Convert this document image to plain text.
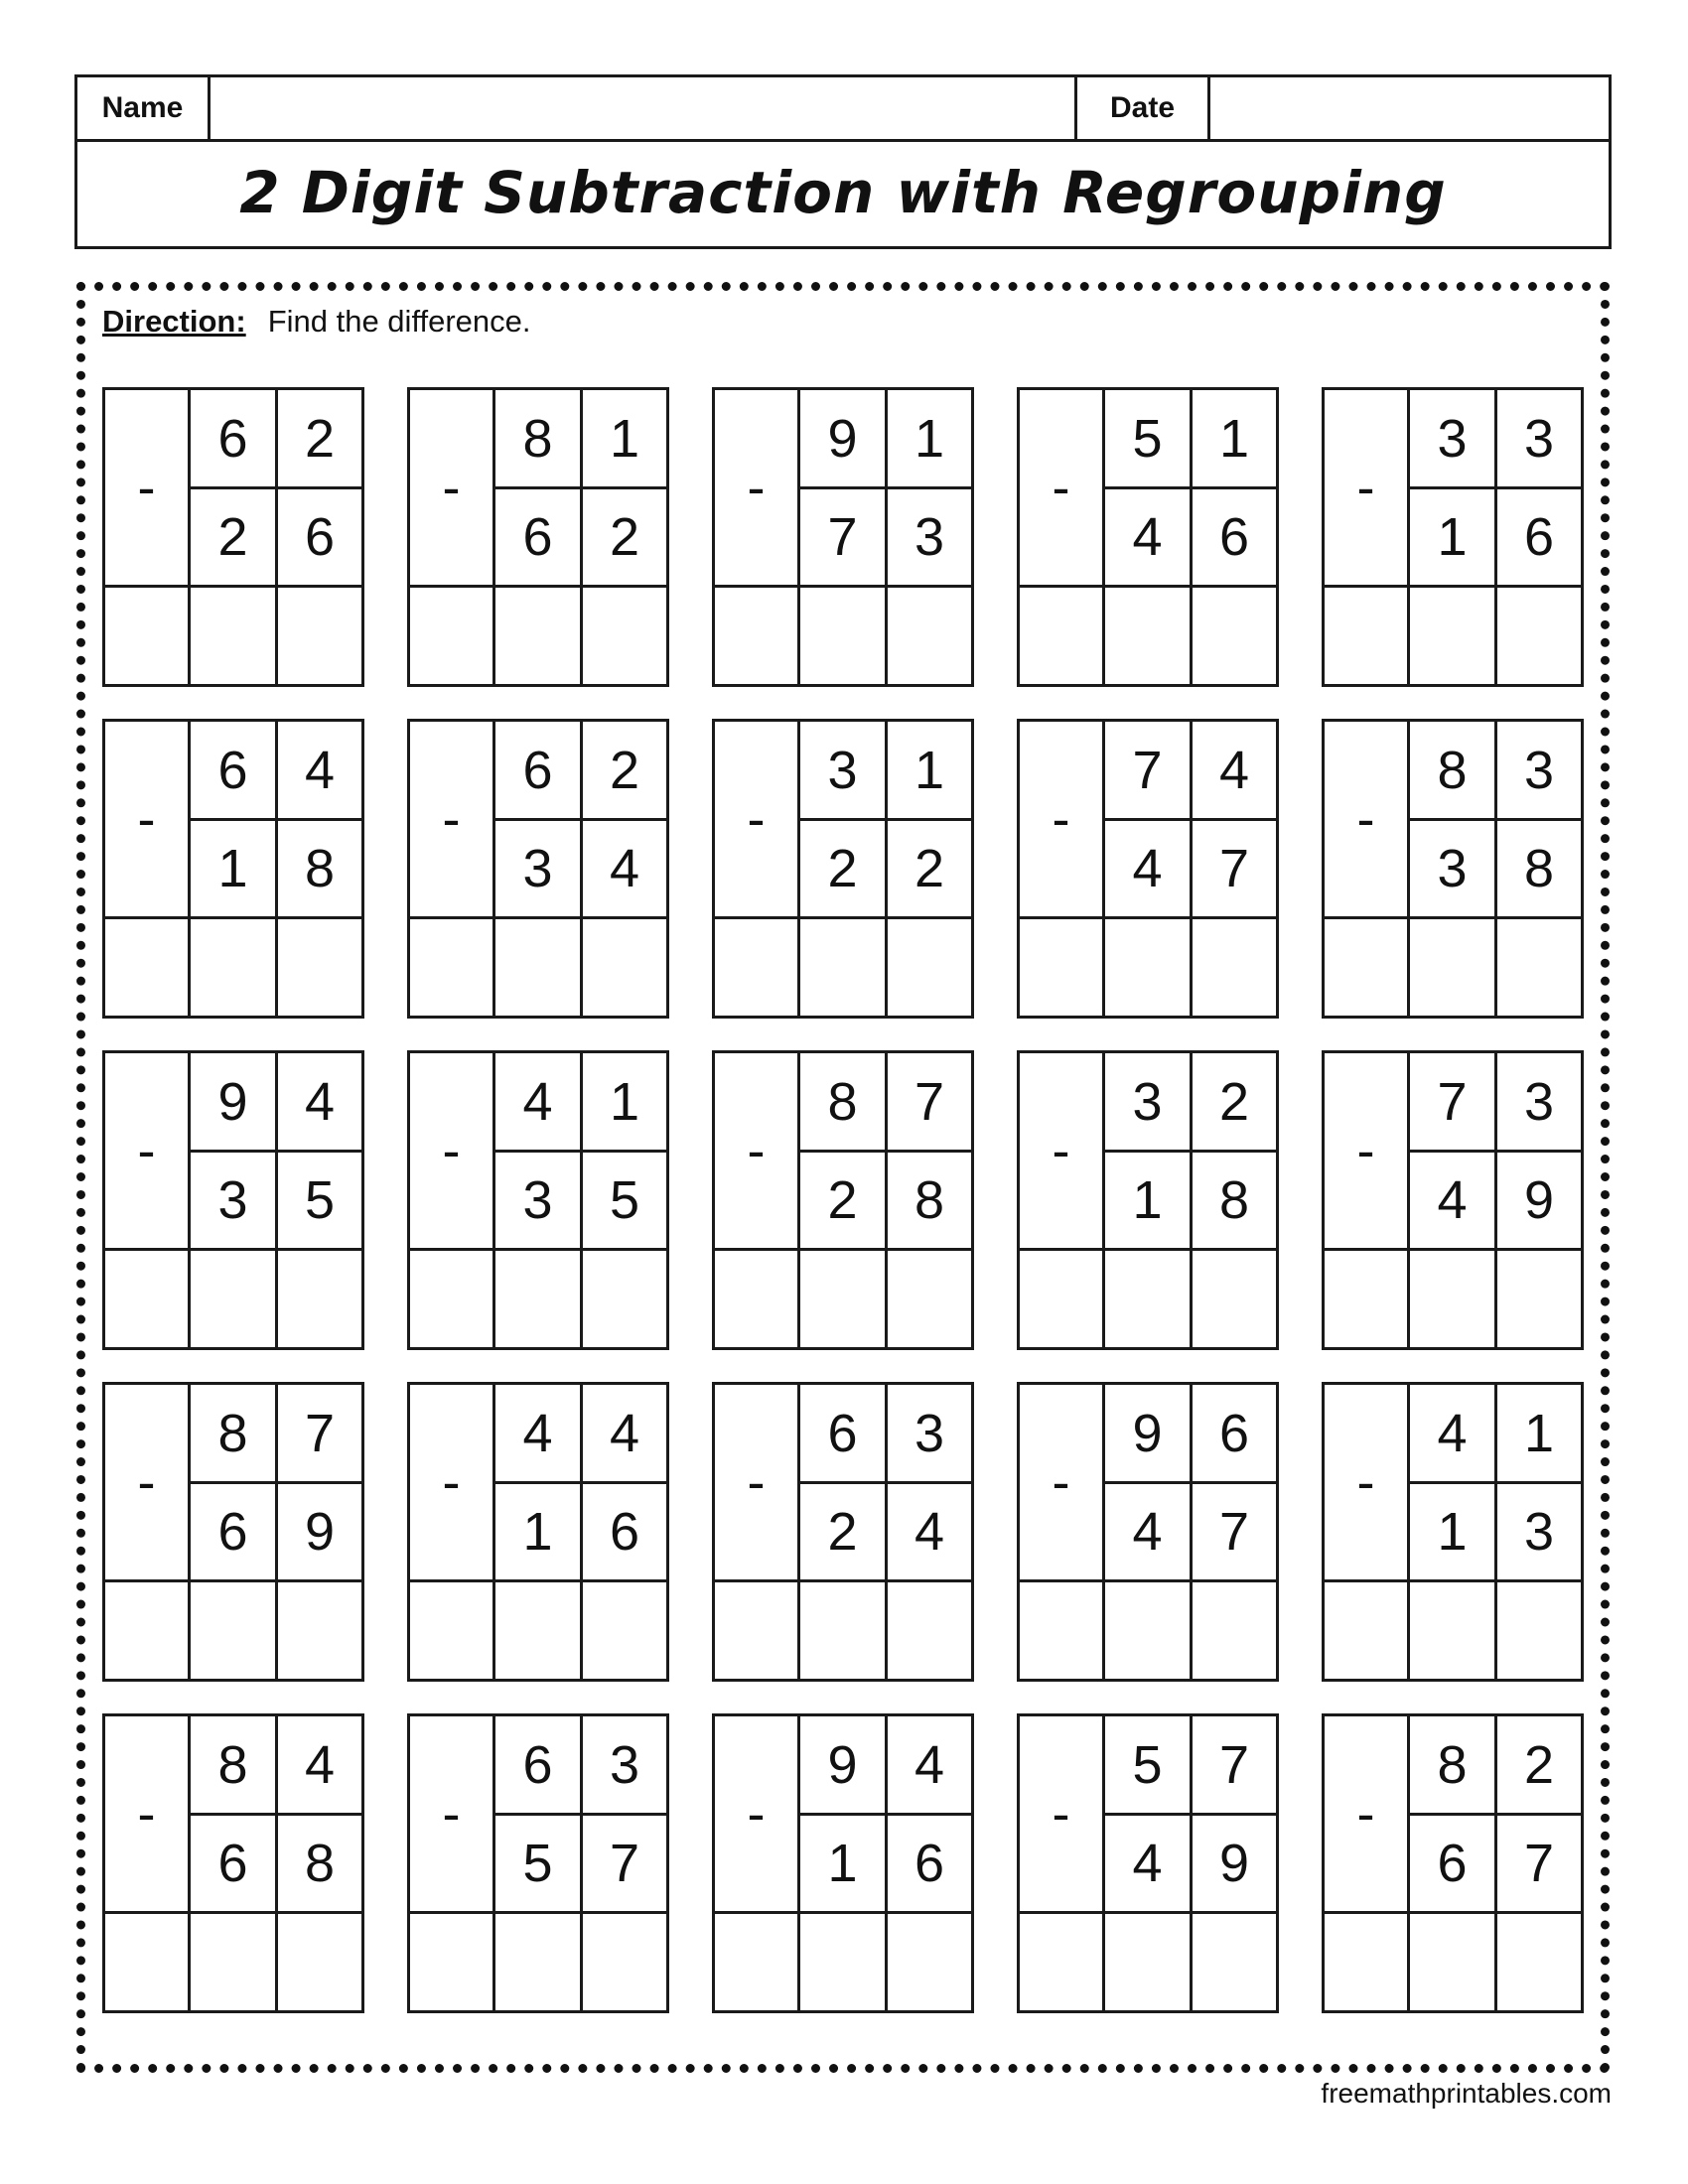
Name	Date
2 Digit Subtraction with Regrouping
Direction: Find the difference.
-
6	2
2	6
-
8	1
6	2
-
9	1
7	3
-
5	1
4	6
-
3	3
1	6
-
6	4
1	8
-
6	2
3	4
-
3	1
2	2
-
7	4
4	7
-
8	3
3	8
-
9	4
3	5
-
4	1
3	5
-
8	7
2	8
-
3	2
1	8
-
7	3
4	9
-
8	7
6	9
-
4	4
1	6
-
6	3
2	4
-
9	6
4	7
-
4	1
1	3
-
8	4
6	8
-
6	3
5	7
-
9	4
1	6
-
5	7
4	9
-
8	2
6	7
freemathprintables.com
